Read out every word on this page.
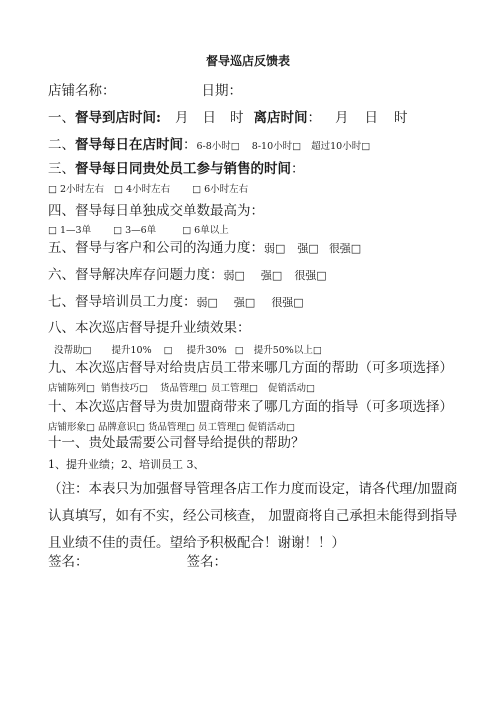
督导巡店反馈表
店铺名称：	日期：
一、督导到店时间: 月 日 时 离店时间： 月 日 时
二、督导每日在店时间：6-8小时□ 8-10小时□ 超过10小时□
三、督导每日同贵处员工参与销售的时间：
□ 2小时左右 □ 4小时左右 □ 6小时左右
四、督导每日单独成交单数最高为：
□ 1—3单 □ 3—6单	□ 6单以上
五、督导与客户和公司的沟通力度：弱□ 强□ 很强□
六、督导解决库存问题力度：弱□ 强□ 很强□
七、督导培训员工力度：弱□ 强□ 很强□
八、本次巡店督导提升业绩效果：
没帮助□ 提升10% □ 提升30% □ 提升50%以上□
九、本次巡店督导对给贵店员工带来哪几方面的帮助（可多项选择）
店铺陈列□ 销售技巧□ 货品管理□ 员工管理□ 促销活动□
十、本次巡店督导为贵加盟商带来了哪几方面的指导（可多项选择）
店铺形象□ 品牌意识□ 货品管理□ 员工管理□ 促销活动□
十一、贵处最需要公司督导给提供的帮助？
1、提升业绩；2、培训员工 3、
（注：本表只为加强督导管理各店工作力度而设定，请各代理/加盟商认真填写，如有不实，经公司核查， 加盟商将自己承担未能得到指导且业绩不佳的责任。望给予积极配合！谢谢！！）
签名：	签名：
